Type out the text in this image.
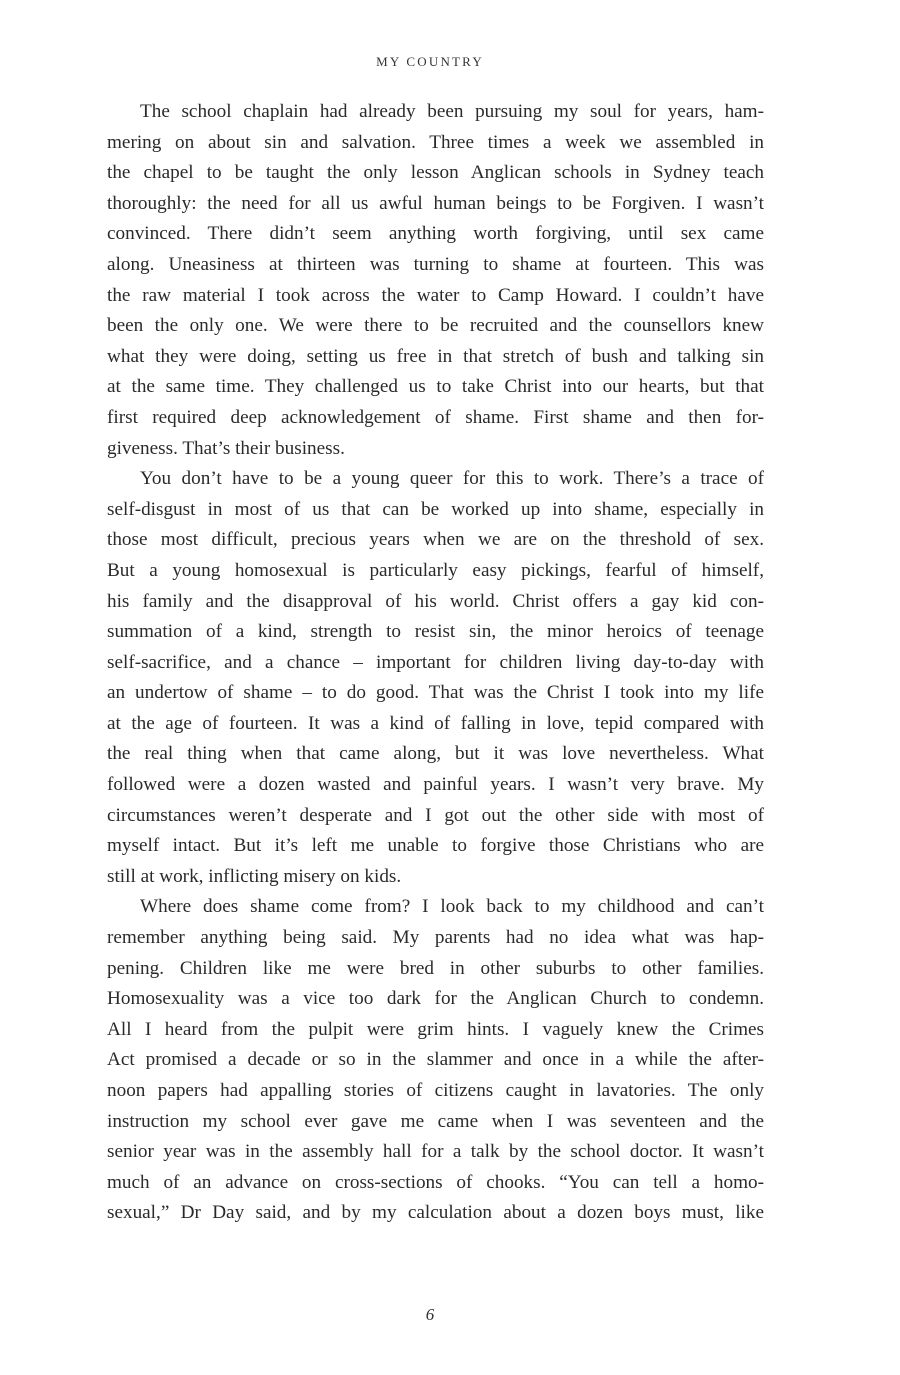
MY COUNTRY
The school chaplain had already been pursuing my soul for years, ham-
mering on about sin and salvation. Three times a week we assembled in
the chapel to be taught the only lesson Anglican schools in Sydney teach
thoroughly: the need for all us awful human beings to be Forgiven. I wasn’t
convinced. There didn’t seem anything worth forgiving, until sex came
along. Uneasiness at thirteen was turning to shame at fourteen. This was
the raw material I took across the water to Camp Howard. I couldn’t have
been the only one. We were there to be recruited and the counsellors knew
what they were doing, setting us free in that stretch of bush and talking sin
at the same time. They challenged us to take Christ into our hearts, but that
first required deep acknowledgement of shame. First shame and then for-
giveness. That’s their business.
You don’t have to be a young queer for this to work. There’s a trace of
self-disgust in most of us that can be worked up into shame, especially in
those most difficult, precious years when we are on the threshold of sex.
But a young homosexual is particularly easy pickings, fearful of himself,
his family and the disapproval of his world. Christ offers a gay kid con-
summation of a kind, strength to resist sin, the minor heroics of teenage
self-sacrifice, and a chance – important for children living day-to-day with
an undertow of shame – to do good. That was the Christ I took into my life
at the age of fourteen. It was a kind of falling in love, tepid compared with
the real thing when that came along, but it was love nevertheless. What
followed were a dozen wasted and painful years. I wasn’t very brave. My
circumstances weren’t desperate and I got out the other side with most of
myself intact. But it’s left me unable to forgive those Christians who are
still at work, inflicting misery on kids.
Where does shame come from? I look back to my childhood and can’t
remember anything being said. My parents had no idea what was hap-
pening. Children like me were bred in other suburbs to other families.
Homosexuality was a vice too dark for the Anglican Church to condemn.
All I heard from the pulpit were grim hints. I vaguely knew the Crimes
Act promised a decade or so in the slammer and once in a while the after-
noon papers had appalling stories of citizens caught in lavatories. The only
instruction my school ever gave me came when I was seventeen and the
senior year was in the assembly hall for a talk by the school doctor. It wasn’t
much of an advance on cross-sections of chooks. “You can tell a homo-
sexual,” Dr Day said, and by my calculation about a dozen boys must, like
6
